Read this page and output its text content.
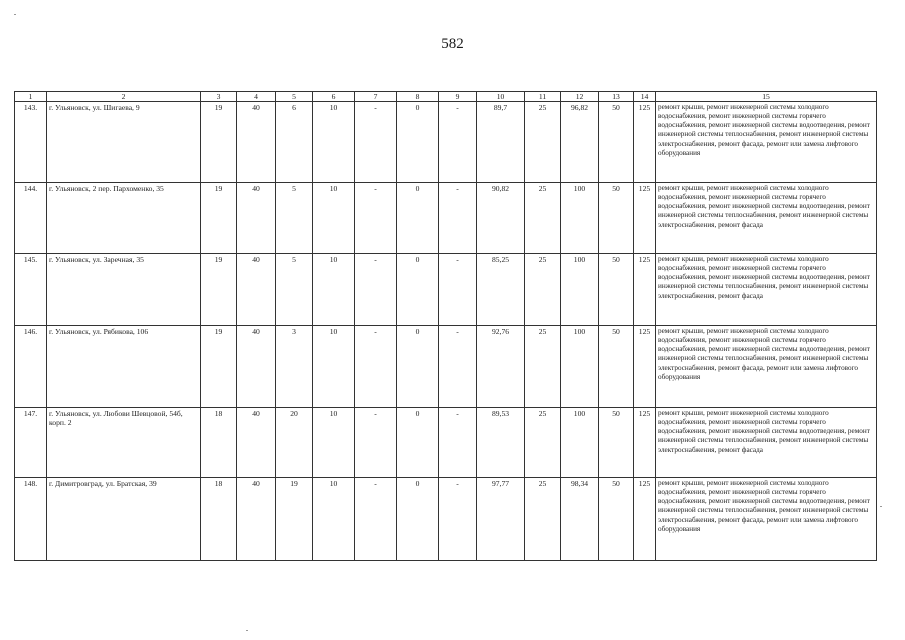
582
1	2	3	4	5	6	7	8	9	10	11	12	13	14	15
143.	г. Ульяновск, ул. Шигаева, 9	19	40	6	10	-	0	-	89,7	25	96,82	50	125	ремонт крыши, ремонт инженерной системы холодного водоснабжения, ремонт инженерной системы горячего водоснабжения, ремонт инженерной системы водоотведения, ремонт инженерной системы теплоснабжения, ремонт инженерной системы электроснабжения, ремонт фасада, ремонт или замена лифтового оборудования
144.	г. Ульяновск, 2 пер. Пархоменко, 35	19	40	5	10	-	0	-	90,82	25	100	50	125	ремонт крыши, ремонт инженерной системы холодного водоснабжения, ремонт инженерной системы горячего водоснабжения, ремонт инженерной системы водоотведения, ремонт инженерной системы теплоснабжения, ремонт инженерной системы электроснабжения, ремонт фасада
145.	г. Ульяновск, ул. Заречная, 35	19	40	5	10	-	0	-	85,25	25	100	50	125	ремонт крыши, ремонт инженерной системы холодного водоснабжения, ремонт инженерной системы горячего водоснабжения, ремонт инженерной системы водоотведения, ремонт инженерной системы теплоснабжения, ремонт инженерной системы электроснабжения, ремонт фасада
146.	г. Ульяновск, ул. Рябикова, 106	19	40	3	10	-	0	-	92,76	25	100	50	125	ремонт крыши, ремонт инженерной системы холодного водоснабжения, ремонт инженерной системы горячего водоснабжения, ремонт инженерной системы водоотведения, ремонт инженерной системы теплоснабжения, ремонт инженерной системы электроснабжения, ремонт фасада, ремонт или замена лифтового оборудования
147.	г. Ульяновск, ул. Любови Шевцовой, 54б, корп. 2	18	40	20	10	-	0	-	89,53	25	100	50	125	ремонт крыши, ремонт инженерной системы холодного водоснабжения, ремонт инженерной системы горячего водоснабжения, ремонт инженерной системы водоотведения, ремонт инженерной системы теплоснабжения, ремонт инженерной системы электроснабжения, ремонт фасада
148.	г. Димитровград, ул. Братская, 39	18	40	19	10	-	0	-	97,77	25	98,34	50	125	ремонт крыши, ремонт инженерной системы холодного водоснабжения, ремонт инженерной системы горячего водоснабжения, ремонт инженерной системы водоотведения, ремонт инженерной системы теплоснабжения, ремонт инженерной системы электроснабжения, ремонт фасада, ремонт или замена лифтового оборудования
